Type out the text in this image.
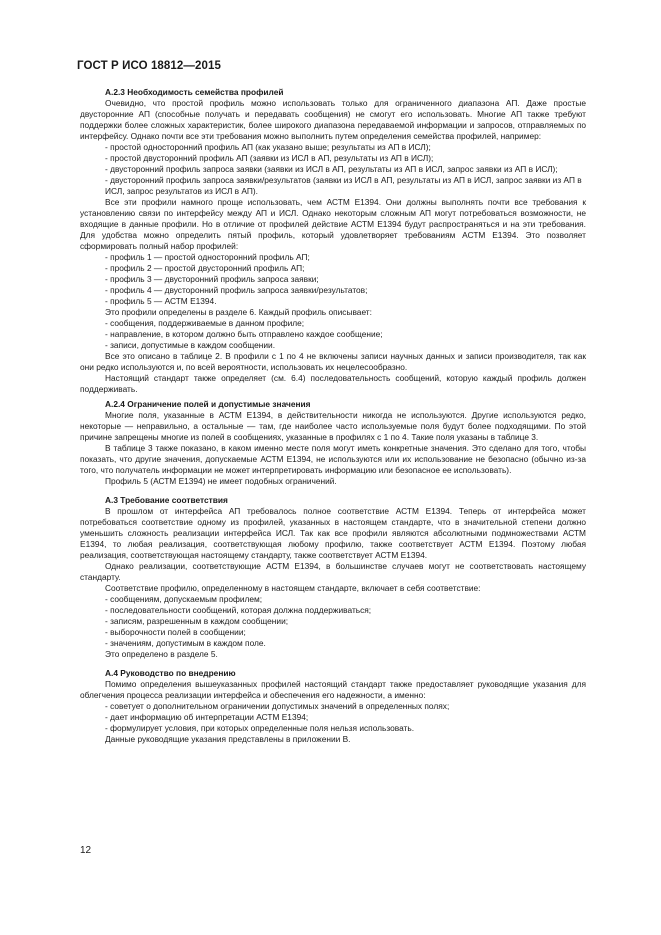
ГОСТ Р ИСО 18812—2015
A.2.3 Необходимость семейства профилей
Очевидно, что простой профиль можно использовать только для ограниченного диапазона АП. Даже простые двусторонние АП (способные получать и передавать сообщения) не смогут его использовать. Многие АП также требуют поддержки более сложных характеристик, более широкого диапазона передаваемой информации и запросов, отправляемых по интерфейсу. Однако почти все эти требования можно выполнить путем определения семейства профилей, например:
- простой односторонний профиль АП (как указано выше; результаты из АП в ИСЛ);
- простой двусторонний профиль АП (заявки из ИСЛ в АП, результаты из АП в ИСЛ);
- двусторонний профиль запроса заявки (заявки из ИСЛ в АП, результаты из АП в ИСЛ, запрос заявки из АП в ИСЛ);
- двусторонний профиль запроса заявки/результатов (заявки из ИСЛ в АП, результаты из АП в ИСЛ, запрос заявки из АП в ИСЛ, запрос результатов из ИСЛ в АП).
Все эти профили намного проще использовать, чем АСТМ Е1394. Они должны выполнять почти все требования к установлению связи по интерфейсу между АП и ИСЛ. Однако некоторым сложным АП могут потребоваться возможности, не входящие в данные профили. Но в отличие от профилей действие АСТМ Е1394 будут распространяться и на эти требования. Для удобства можно определить пятый профиль, который удовлетворяет требованиям АСТМ Е1394. Это позволяет сформировать полный набор профилей:
- профиль 1 — простой односторонний профиль АП;
- профиль 2 — простой двусторонний профиль АП;
- профиль 3 — двусторонний профиль запроса заявки;
- профиль 4 — двусторонний профиль запроса заявки/результатов;
- профиль 5 — АСТМ Е1394.
Это профили определены в разделе 6. Каждый профиль описывает:
- сообщения, поддерживаемые в данном профиле;
- направление, в котором должно быть отправлено каждое сообщение;
- записи, допустимые в каждом сообщении.
Все это описано в таблице 2. В профили с 1 по 4 не включены записи научных данных и записи производителя, так как они редко используются и, по всей вероятности, использовать их нецелесообразно.
Настоящий стандарт также определяет (см. 6.4) последовательность сообщений, которую каждый профиль должен поддерживать.
A.2.4 Ограничение полей и допустимые значения
Многие поля, указанные в АСТМ Е1394, в действительности никогда не используются. Другие используются редко, некоторые — неправильно, а остальные — там, где наиболее часто используемые поля будут более подходящими. По этой причине запрещены многие из полей в сообщениях, указанные в профилях с 1 по 4. Такие поля указаны в таблице 3.
В таблице 3 также показано, в каком именно месте поля могут иметь конкретные значения. Это сделано для того, чтобы показать, что другие значения, допускаемые АСТМ Е1394, не используются или их использование не безопасно (обычно из-за того, что получатель информации не может интерпретировать информацию или безопасное ее использовать).
Профиль 5 (АСТМ Е1394) не имеет подобных ограничений.
A.3 Требование соответствия
В прошлом от интерфейса АП требовалось полное соответствие АСТМ Е1394. Теперь от интерфейса может потребоваться соответствие одному из профилей, указанных в настоящем стандарте, что в значительной степени должно уменьшить сложность реализации интерфейса ИСЛ. Так как все профили являются абсолютными подмножествами АСТМ Е1394, то любая реализация, соответствующая любому профилю, также соответствует АСТМ Е1394. Поэтому любая реализация, соответствующая настоящему стандарту, также соответствует АСТМ Е1394.
Однако реализации, соответствующие АСТМ Е1394, в большинстве случаев могут не соответствовать настоящему стандарту.
Соответствие профилю, определенному в настоящем стандарте, включает в себя соответствие:
- сообщениям, допускаемым профилем;
- последовательности сообщений, которая должна поддерживаться;
- записям, разрешенным в каждом сообщении;
- выборочности полей в сообщении;
- значениям, допустимым в каждом поле.
Это определено в разделе 5.
A.4 Руководство по внедрению
Помимо определения вышеуказанных профилей настоящий стандарт также предоставляет руководящие указания для облегчения процесса реализации интерфейса и обеспечения его надежности, а именно:
- советует о дополнительном ограничении допустимых значений в определенных полях;
- дает информацию об интерпретации АСТМ Е1394;
- формулирует условия, при которых определенные поля нельзя использовать.
Данные руководящие указания представлены в приложении В.
12
